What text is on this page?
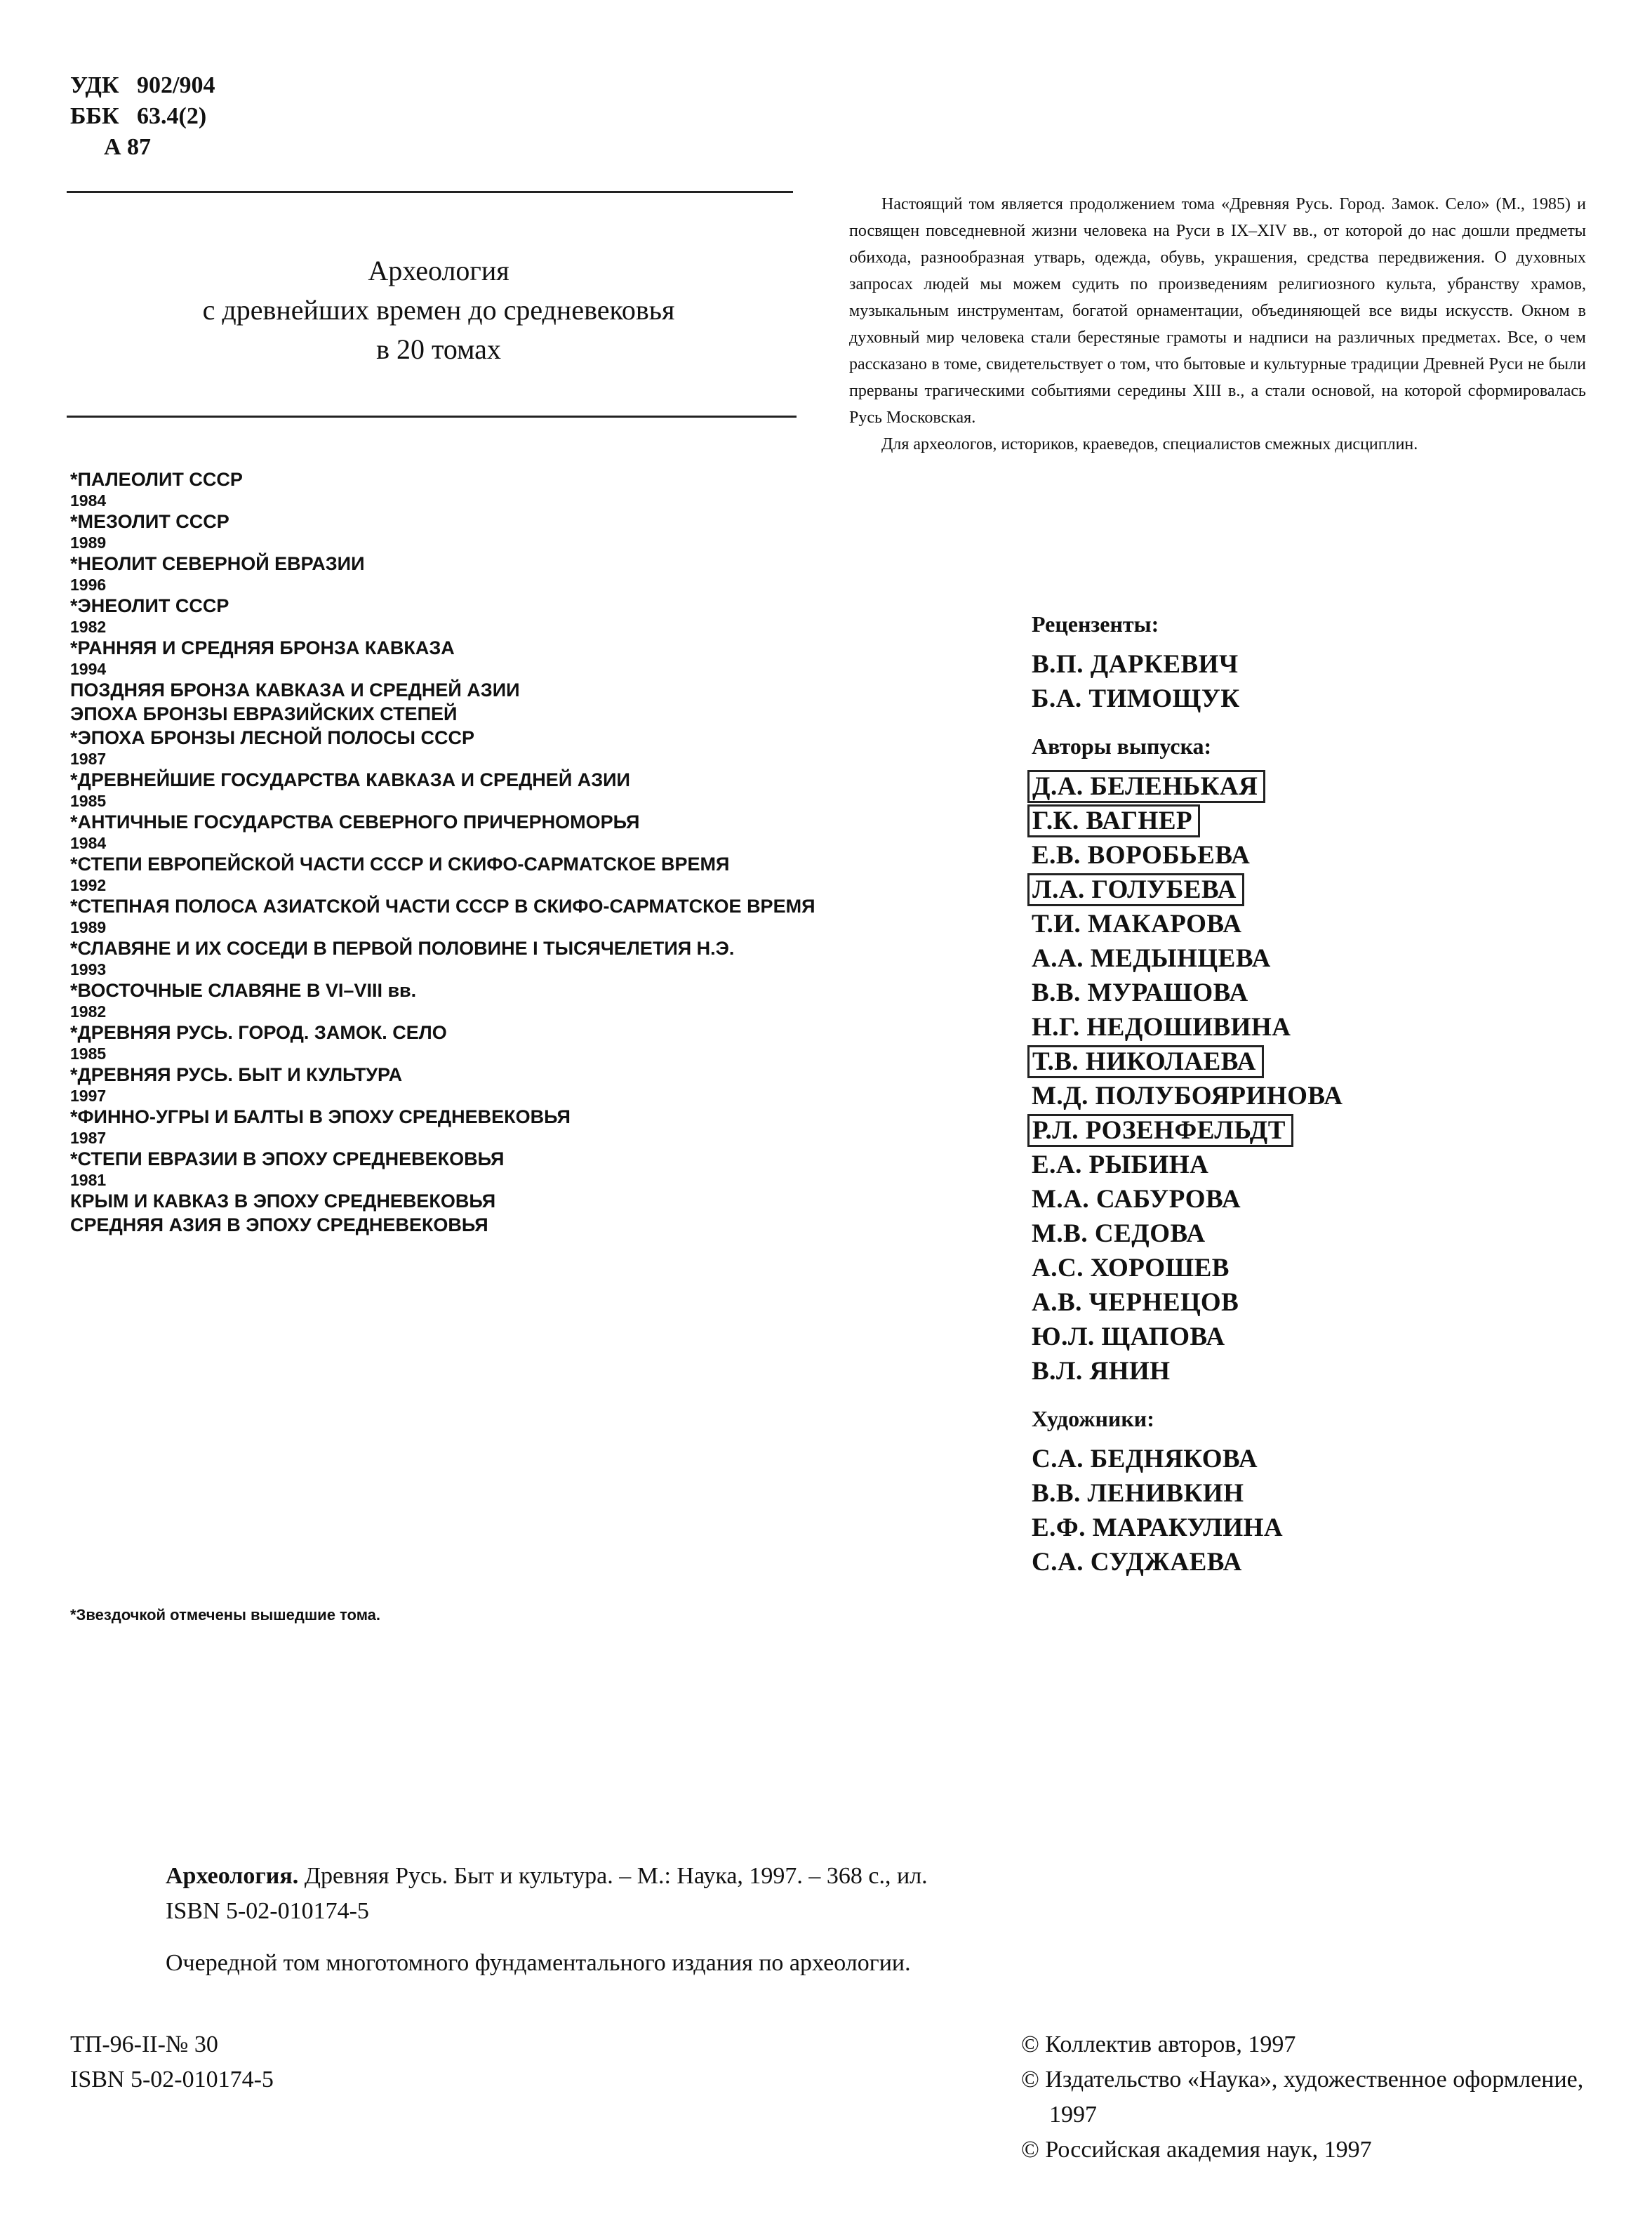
УДК 902/904
ББК 63.4(2)
А 87
Археология
с древнейших времен до средневековья
в 20 томах
*ПАЛЕОЛИТ СССР
1984
*МЕЗОЛИТ СССР
1989
*НЕОЛИТ СЕВЕРНОЙ ЕВРАЗИИ
1996
*ЭНЕОЛИТ СССР
1982
*РАННЯЯ И СРЕДНЯЯ БРОНЗА КАВКАЗА
1994
ПОЗДНЯЯ БРОНЗА КАВКАЗА И СРЕДНЕЙ АЗИИ
ЭПОХА БРОНЗЫ ЕВРАЗИЙСКИХ СТЕПЕЙ
*ЭПОХА БРОНЗЫ ЛЕСНОЙ ПОЛОСЫ СССР
1987
*ДРЕВНЕЙШИЕ ГОСУДАРСТВА КАВКАЗА И СРЕДНЕЙ АЗИИ
1985
*АНТИЧНЫЕ ГОСУДАРСТВА СЕВЕРНОГО ПРИЧЕРНОМОРЬЯ
1984
*СТЕПИ ЕВРОПЕЙСКОЙ ЧАСТИ СССР И СКИФО-САРМАТСКОЕ ВРЕМЯ
1992
*СТЕПНАЯ ПОЛОСА АЗИАТСКОЙ ЧАСТИ СССР В СКИФО-САРМАТСКОЕ ВРЕМЯ
1989
*СЛАВЯНЕ И ИХ СОСЕДИ В ПЕРВОЙ ПОЛОВИНЕ I ТЫСЯЧЕЛЕТИЯ Н.Э.
1993
*ВОСТОЧНЫЕ СЛАВЯНЕ В VI–VIII вв.
1982
*ДРЕВНЯЯ РУСЬ. ГОРОД. ЗАМОК. СЕЛО
1985
*ДРЕВНЯЯ РУСЬ. БЫТ И КУЛЬТУРА
1997
*ФИННО-УГРЫ И БАЛТЫ В ЭПОХУ СРЕДНЕВЕКОВЬЯ
1987
*СТЕПИ ЕВРАЗИИ В ЭПОХУ СРЕДНЕВЕКОВЬЯ
1981
КРЫМ И КАВКАЗ В ЭПОХУ СРЕДНЕВЕКОВЬЯ
СРЕДНЯЯ АЗИЯ В ЭПОХУ СРЕДНЕВЕКОВЬЯ
*Звездочкой отмечены вышедшие тома.

Настоящий том является продолжением тома «Древняя Русь. Город. Замок. Село» (М., 1985) и посвящен повседневной жизни человека на Руси в IX–XIV вв., от которой до нас дошли предметы обихода, разнообразная утварь, одежда, обувь, украшения, средства передвижения. О духовных запросах людей мы можем судить по произведениям религиозного культа, убранству храмов, музыкальным инструментам, богатой орнаментации, объединяющей все виды искусств. Окном в духовный мир человека стали берестяные грамоты и надписи на различных предметах. Все, о чем рассказано в томе, свидетельствует о том, что бытовые и культурные традиции Древней Руси не были прерваны трагическими событиями середины XIII в., а стали основой, на которой сформировалась Русь Московская.

Для археологов, историков, краеведов, специалистов смежных дисциплин.

Рецензенты:
В.П. ДАРКЕВИЧ
Б.А. ТИМОЩУК
Авторы выпуска:
Д.А. БЕЛЕНЬКАЯ
Г.К. ВАГНЕР
Е.В. ВОРОБЬЕВА
Л.А. ГОЛУБЕВА
Т.И. МАКАРОВА
А.А. МЕДЫНЦЕВА
В.В. МУРАШОВА
Н.Г. НЕДОШИВИНА
Т.В. НИКОЛАЕВА
М.Д. ПОЛУБОЯРИНОВА
Р.Л. РОЗЕНФЕЛЬДТ
Е.А. РЫБИНА
М.А. САБУРОВА
М.В. СЕДОВА
А.С. ХОРОШЕВ
А.В. ЧЕРНЕЦОВ
Ю.Л. ЩАПОВА
В.Л. ЯНИН
Художники:
С.А. БЕДНЯКОВА
В.В. ЛЕНИВКИН
Е.Ф. МАРАКУЛИНА
С.А. СУДЖАЕВА
Археология. Древняя Русь. Быт и культура. – М.: Наука, 1997. – 368 с., ил.
ISBN 5-02-010174-5
Очередной том многотомного фундаментального издания по археологии.
ТП-96-II-№ 30
ISBN 5-02-010174-5
© Коллектив авторов, 1997
© Издательство «Наука», художественное оформление, 1997
© Российская академия наук, 1997
